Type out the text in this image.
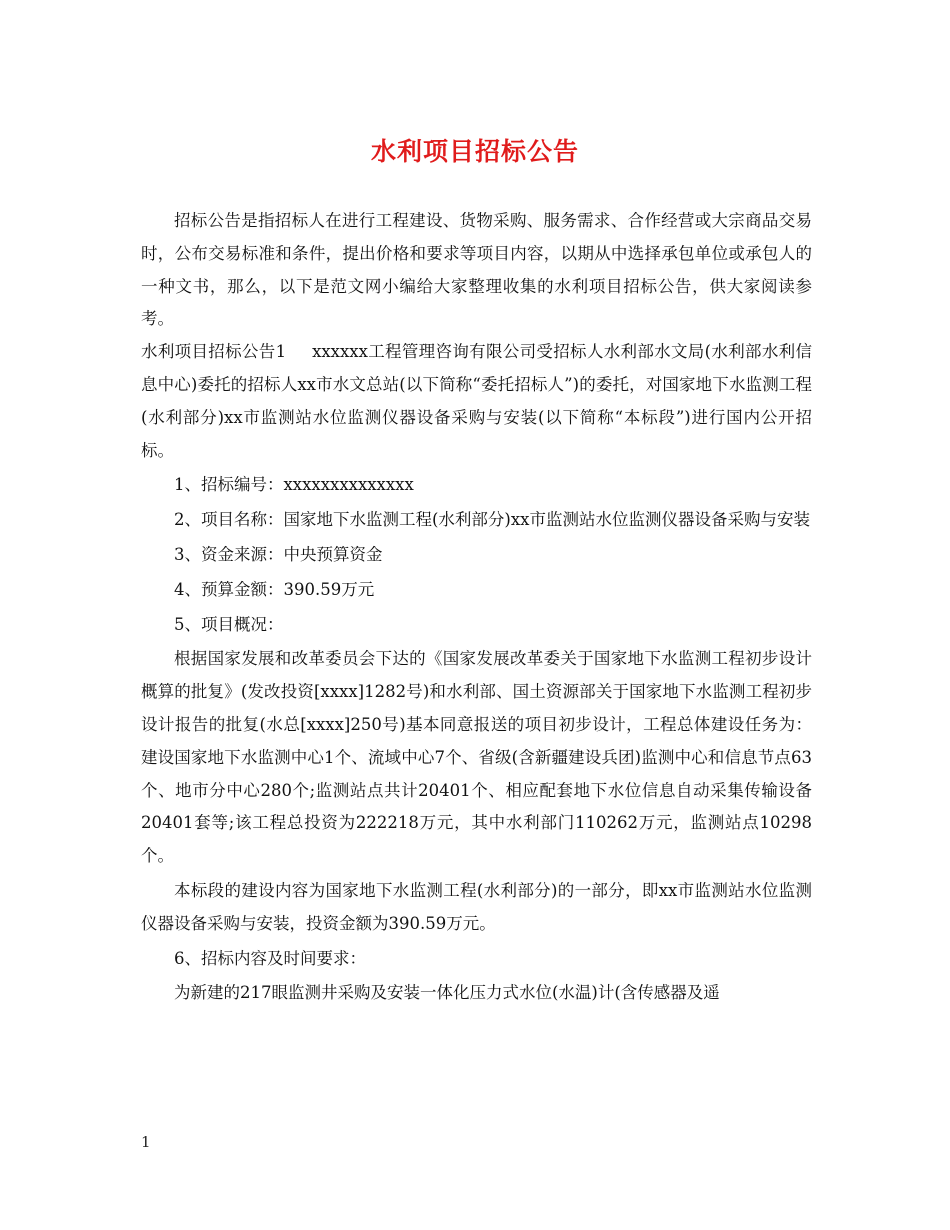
水利项目招标公告

招标公告是指招标人在进行工程建设、货物采购、服务需求、合作经营或大宗商品交易时，公布交易标准和条件，提出价格和要求等项目内容，以期从中选择承包单位或承包人的一种文书，那么，以下是范文网小编给大家整理收集的水利项目招标公告，供大家阅读参考。

水利项目招标公告1 xxxxxx工程管理咨询有限公司受招标人水利部水文局(水利部水利信息中心)委托的招标人xx市水文总站(以下简称“委托招标人”)的委托，对国家地下水监测工程(水利部分)xx市监测站水位监测仪器设备采购与安装(以下简称“本标段”)进行国内公开招标。

1、招标编号：xxxxxxxxxxxxxx

2、项目名称：国家地下水监测工程(水利部分)xx市监测站水位监测仪器设备采购与安装

3、资金来源：中央预算资金

4、预算金额：390.59万元

5、项目概况：

根据国家发展和改革委员会下达的《国家发展改革委关于国家地下水监测工程初步设计概算的批复》(发改投资[xxxx]1282号)和水利部、国土资源部关于国家地下水监测工程初步设计报告的批复(水总[xxxx]250号)基本同意报送的项目初步设计，工程总体建设任务为：建设国家地下水监测中心1个、流域中心7个、省级(含新疆建设兵团)监测中心和信息节点63个、地市分中心280个;监测站点共计20401个、相应配套地下水位信息自动采集传输设备20401套等;该工程总投资为222218万元，其中水利部门110262万元，监测站点10298个。

本标段的建设内容为国家地下水监测工程(水利部分)的一部分，即xx市监测站水位监测仪器设备采购与安装，投资金额为390.59万元。

6、招标内容及时间要求：

为新建的217眼监测井采购及安装一体化压力式水位(水温)计(含传感器及遥

1
